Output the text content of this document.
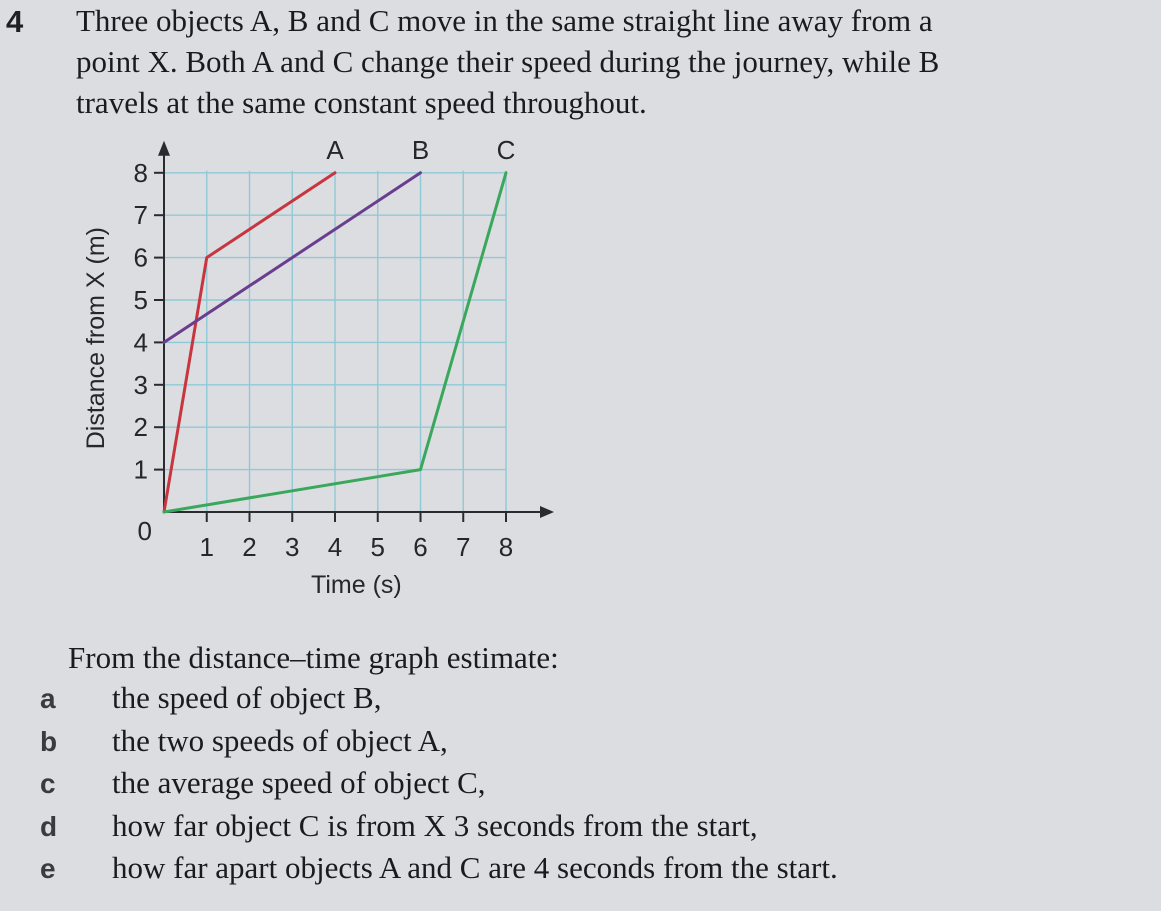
4 Three objects A, B and C move in the same straight line away from a
point X. Both A and C change their speed during the journey, while B
travels at the same constant speed throughout.
1 2 3 4 5 6 7 8
1
2
3
4
5
6
7
8
0
Time (s)
Distance from X (m)
A	B	C
From the distance–time graph estimate:
a the speed of object B,
b the two speeds of object A,
c the average speed of object C,
d how far object C is from X 3 seconds from the start,
e how far apart objects A and C are 4 seconds from the start.
